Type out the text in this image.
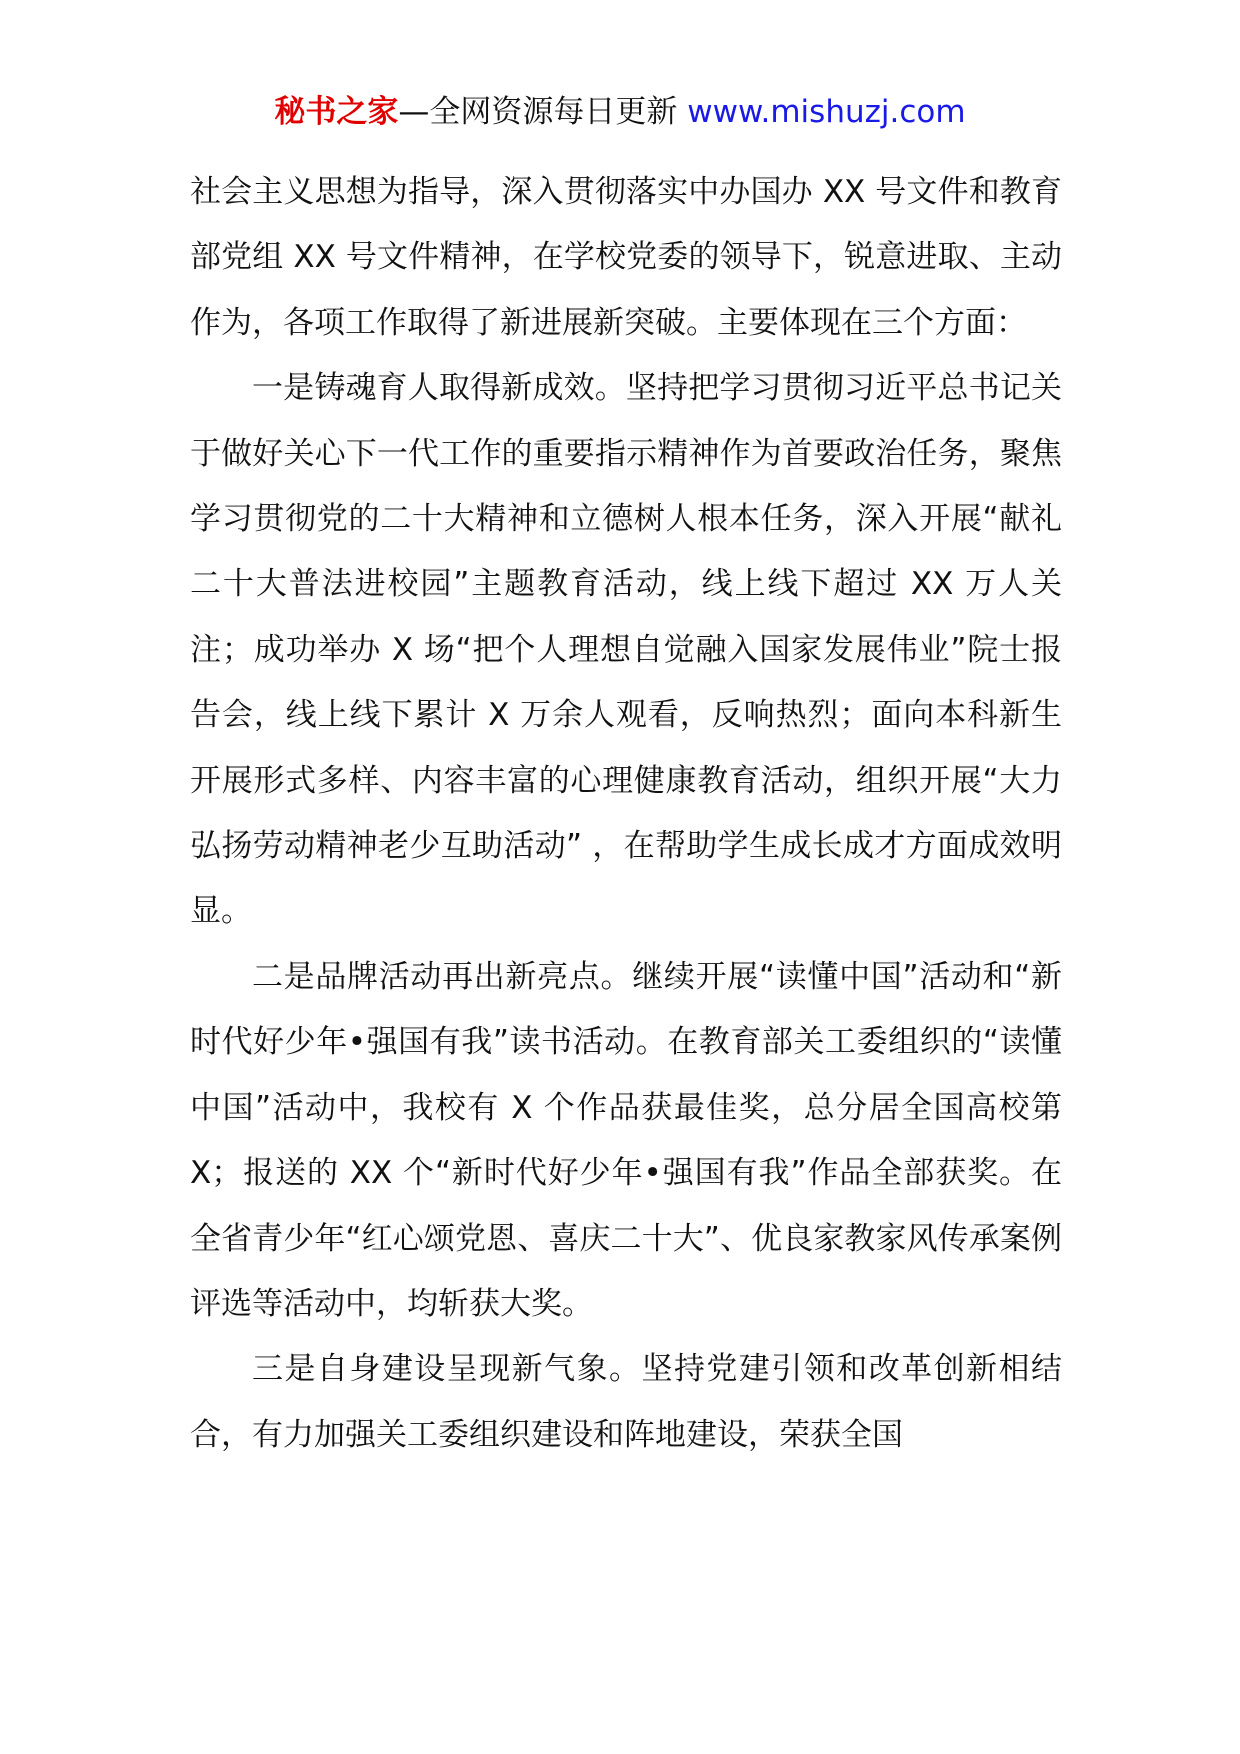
秘书之家—全网资源每日更新 www.mishuzj.com

社会主义思想为指导，深入贯彻落实中办国办 XX 号文件和教育部党组 XX 号文件精神，在学校党委的领导下，锐意进取、主动作为，各项工作取得了新进展新突破。主要体现在三个方面：

一是铸魂育人取得新成效。坚持把学习贯彻习近平总书记关于做好关心下一代工作的重要指示精神作为首要政治任务，聚焦学习贯彻党的二十大精神和立德树人根本任务，深入开展“献礼二十大普法进校园”主题教育活动，线上线下超过 XX 万人关注；成功举办 X 场“把个人理想自觉融入国家发展伟业”院士报告会，线上线下累计 X 万余人观看，反响热烈；面向本科新生开展形式多样、内容丰富的心理健康教育活动，组织开展“大力弘扬劳动精神老少互助活动” ，在帮助学生成长成才方面成效明显。

二是品牌活动再出新亮点。继续开展“读懂中国”活动和“新时代好少年•强国有我”读书活动。在教育部关工委组织的“读懂中国”活动中，我校有 X 个作品获最佳奖，总分居全国高校第 X；报送的 XX 个“新时代好少年•强国有我”作品全部获奖。在全省青少年“红心颂党恩、喜庆二十大”、优良家教家风传承案例评选等活动中，均斩获大奖。

三是自身建设呈现新气象。坚持党建引领和改革创新相结合，有力加强关工委组织建设和阵地建设，荣获全国
